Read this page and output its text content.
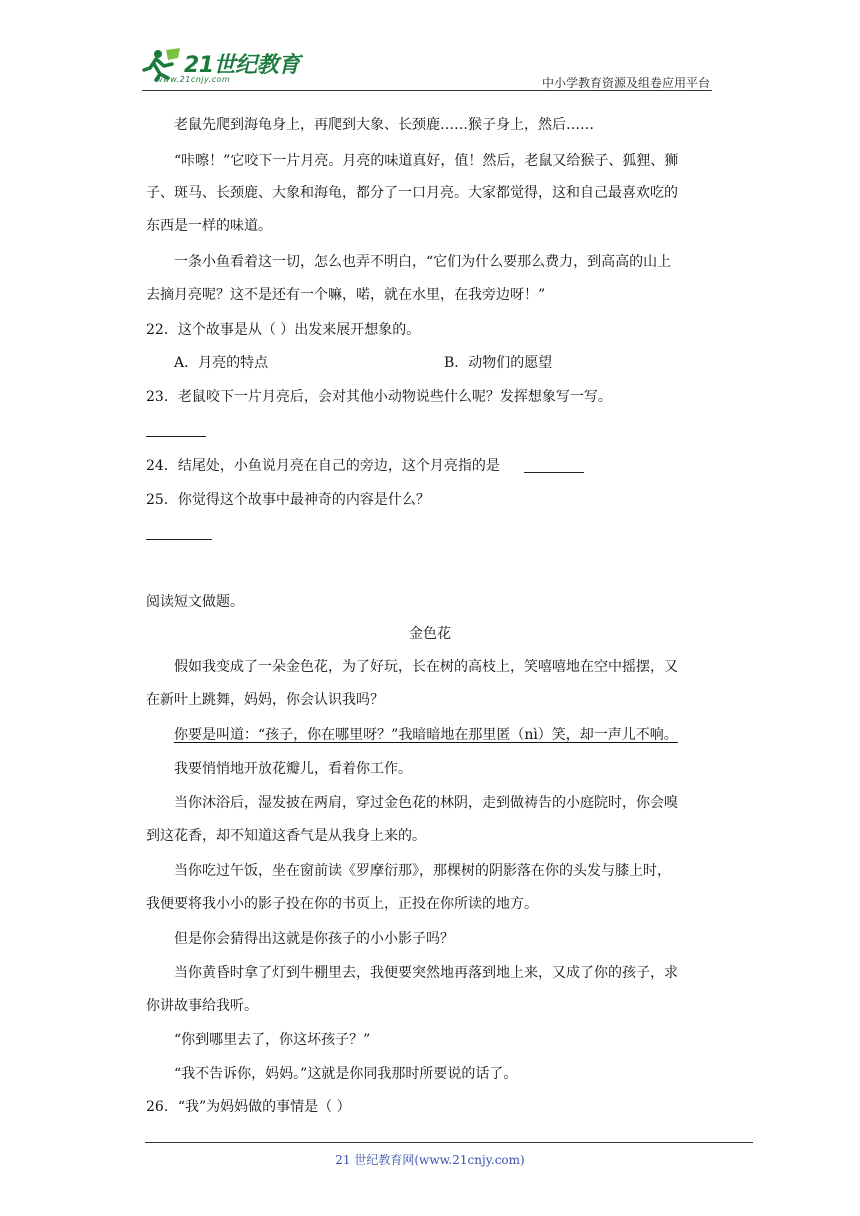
21世纪教育
www.21cnjy.com	中小学教育资源及组卷应用平台
老鼠先爬到海龟身上，再爬到大象、长颈鹿……猴子身上，然后……
“咔嚓！”它咬下一片月亮。月亮的味道真好，值！然后，老鼠又给猴子、狐狸、狮
子、斑马、长颈鹿、大象和海龟，都分了一口月亮。大家都觉得，这和自己最喜欢吃的
东西是一样的味道。
一条小鱼看着这一切，怎么也弄不明白，“它们为什么要那么费力，到高高的山上
去摘月亮呢？这不是还有一个嘛，喏，就在水里，在我旁边呀！”
22．这个故事是从（ ）出发来展开想象的。
A．月亮的特点	B．动物们的愿望
23．老鼠咬下一片月亮后，会对其他小动物说些什么呢？发挥想象写一写。
24．结尾处，小鱼说月亮在自己的旁边，这个月亮指的是
25．你觉得这个故事中最神奇的内容是什么？
阅读短文做题。
金色花
假如我变成了一朵金色花，为了好玩，长在树的高枝上，笑嘻嘻地在空中摇摆，又
在新叶上跳舞，妈妈，你会认识我吗？
你要是叫道：“孩子，你在哪里呀？”我暗暗地在那里匿（nì）笑，却一声儿不响。
我要悄悄地开放花瓣儿，看着你工作。
当你沐浴后，湿发披在两肩，穿过金色花的林阴，走到做祷告的小庭院时，你会嗅
到这花香，却不知道这香气是从我身上来的。
当你吃过午饭，坐在窗前读《罗摩衍那》，那棵树的阴影落在你的头发与膝上时，
我便要将我小小的影子投在你的书页上，正投在你所读的地方。
但是你会猜得出这就是你孩子的小小影子吗？
当你黄昏时拿了灯到牛棚里去，我便要突然地再落到地上来，又成了你的孩子，求
你讲故事给我听。
“你到哪里去了，你这坏孩子？”
“我不告诉你，妈妈。”这就是你同我那时所要说的话了。
26．“我”为妈妈做的事情是（ ）
21 世纪教育网(www.21cnjy.com)
